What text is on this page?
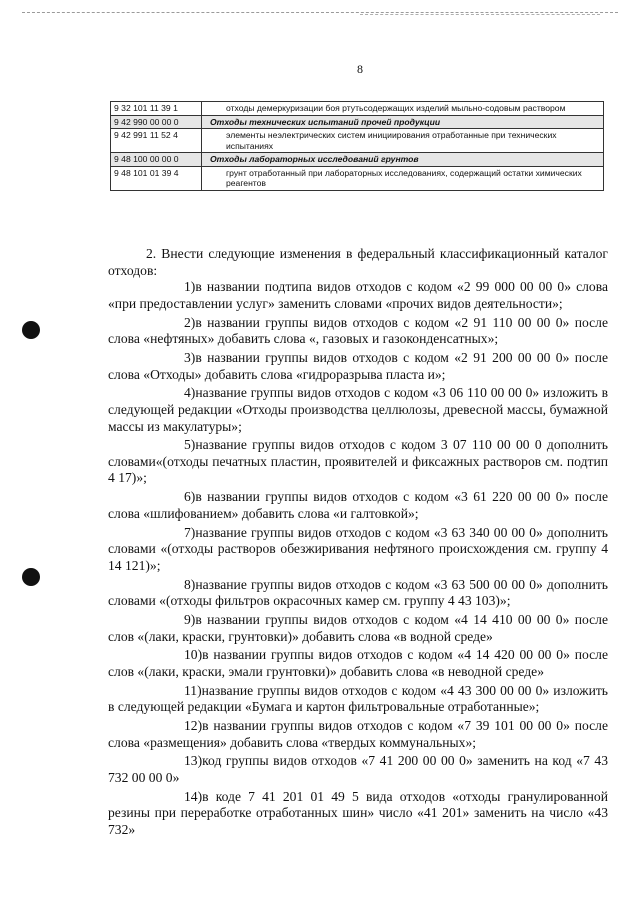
8
9 32 101 11 39 1	отходы демеркуризации боя ртутьсодержащих изделий мыльно-содовым раствором
9 42 990 00 00 0	Отходы технических испытаний прочей продукции
9 42 991 11 52 4	элементы неэлектрических систем инициирования отработанные при технических испытаниях
9 48 100 00 00 0	Отходы лабораторных исследований грунтов
9 48 101 01 39 4	грунт отработанный при лабораторных исследованиях, содержащий остатки химических реагентов

2. Внести следующие изменения в федеральный классификационный каталог отходов:

1)в названии подтипа видов отходов с кодом «2 99 000 00 00 0» слова «при предоставлении услуг» заменить словами «прочих видов деятельности»;

2)в названии группы видов отходов с кодом «2 91 110 00 00 0» после слова «нефтяных» добавить слова «, газовых и газоконденсатных»;

3)в названии группы видов отходов с кодом «2 91 200 00 00 0» после слова «Отходы» добавить слова «гидроразрыва пласта и»;

4)название группы видов отходов с кодом «3 06 110 00 00 0» изложить в следующей редакции «Отходы производства целлюлозы, древесной массы, бумажной массы из макулатуры»;

5)название группы видов отходов с кодом 3 07 110 00 00 0 дополнить словами«(отходы печатных пластин, проявителей и фиксажных растворов см. подтип 4 17)»;

6)в названии группы видов отходов с кодом «3 61 220 00 00 0» после слова «шлифованием» добавить слова «и галтовкой»;

7)название группы видов отходов с кодом «3 63 340 00 00 0» дополнить словами «(отходы растворов обезжиривания нефтяного происхождения см. группу 4 14 121)»;

8)название группы видов отходов с кодом «3 63 500 00 00 0» дополнить словами «(отходы фильтров окрасочных камер см. группу 4 43 103)»;

9)в названии группы видов отходов с кодом «4 14 410 00 00 0» после слов «(лаки, краски, грунтовки)» добавить слова «в водной среде»

10)в названии группы видов отходов с кодом «4 14 420 00 00 0» после слов «(лаки, краски, эмали грунтовки)» добавить слова «в неводной среде»

11)название группы видов отходов с кодом «4 43 300 00 00 0» изложить в следующей редакции «Бумага и картон фильтровальные отработанные»;

12)в названии группы видов отходов с кодом «7 39 101 00 00 0» после слова «размещения» добавить слова «твердых коммунальных»;

13)код группы видов отходов «7 41 200 00 00 0» заменить на код «7 43 732 00 00 0»

14)в коде 7 41 201 01 49 5 вида отходов «отходы гранулированной резины при переработке отработанных шин» число «41 201» заменить на число «43 732»
